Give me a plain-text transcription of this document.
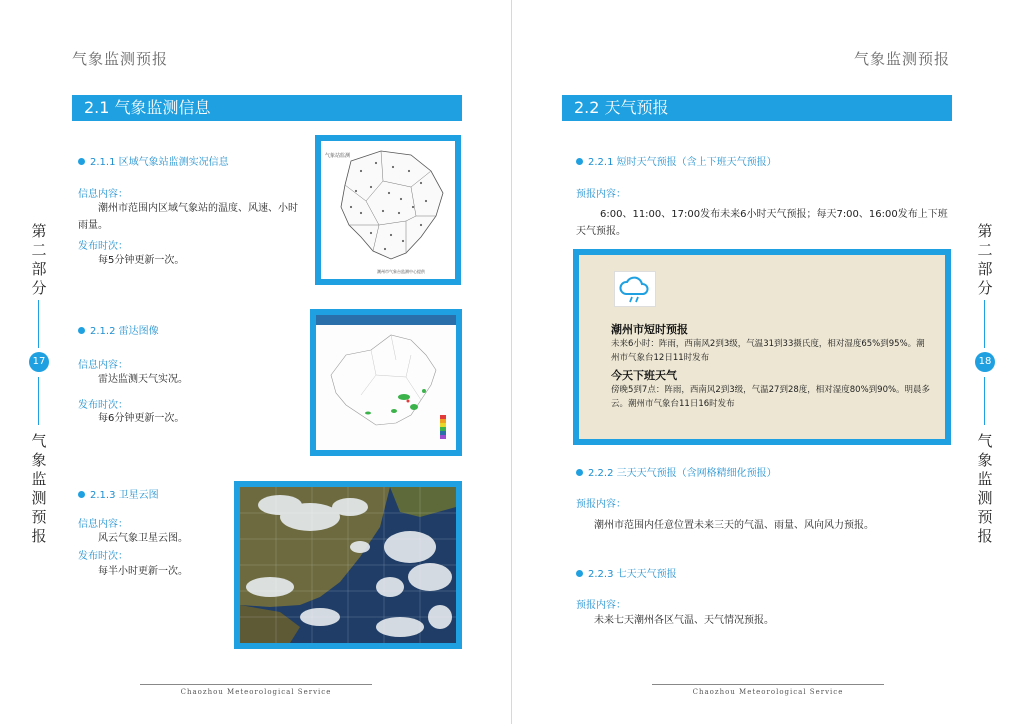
气象监测预报
2.1 气象监测信息
2.1.1 区域气象站监测实况信息
信息内容：
潮州市范围内区域气象站的温度、风速、小时雨量。
发布时次：
每5分钟更新一次。
气象站监测
潮州市气象台监测中心提供
2.1.2 雷达图像
信息内容：
雷达监测天气实况。
发布时次：
每6分钟更新一次。
2.1.3 卫星云图
信息内容：
风云气象卫星云图。
发布时次：
每半小时更新一次。
第二部分
17
气象监测预报
Chaozhou Meteorological Service
气象监测预报
2.2 天气预报
2.2.1 短时天气预报（含上下班天气预报）
预报内容：
6:00、11:00、17:00发布未来6小时天气预报；每天7:00、16:00发布上下班天气预报。
2.2.2 三天天气预报（含网格精细化预报）
预报内容：
潮州市范围内任意位置未来三天的气温、雨量、风向风力预报。
2.2.3 七天天气预报
预报内容：
未来七天潮州各区气温、天气情况预报。
第二部分
18
气象监测预报
Chaozhou Meteorological Service
潮州市短时预报
未来6小时：阵雨，西南风2到3级，气温31到33摄氏度，相对湿度65%到95%。潮州市气象台12日11时发布
今天下班天气
傍晚5到7点：阵雨，西南风2到3级，气温27到28度，相对湿度80%到90%。明晨多云。潮州市气象台11日16时发布
